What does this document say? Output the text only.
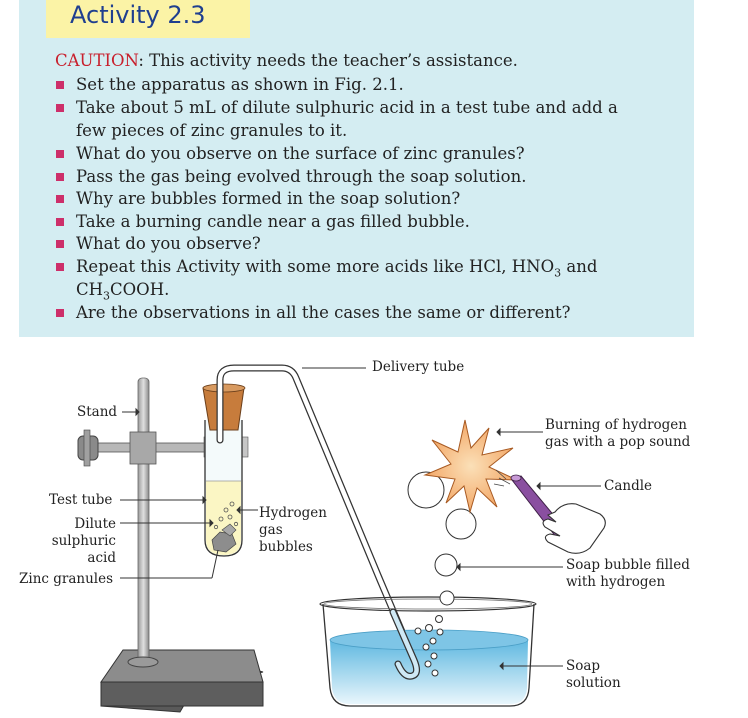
Activity 2.3
CAUTION: This activity needs the teacher’s assistance.
Set the apparatus as shown in Fig. 2.1.
Take about 5 mL of dilute sulphuric acid in a test tube and add a
few pieces of zinc granules to it.
What do you observe on the surface of zinc granules?
Pass the gas being evolved through the soap solution.
Why are bubbles formed in the soap solution?
Take a burning candle near a gas filled bubble.
What do you observe?
Repeat this Activity with some more acids like HCl, $HNO_3$ and
$CH_3COOH$.
Are the observations in all the cases the same or different?
Delivery tube
Stand
Test tube
Dilute
sulphuric
acid
Zinc granules
Hydrogen
gas
bubbles
Burning of hydrogen
gas with a pop sound
Candle
Soap bubble filled
with hydrogen
Soap
solution
